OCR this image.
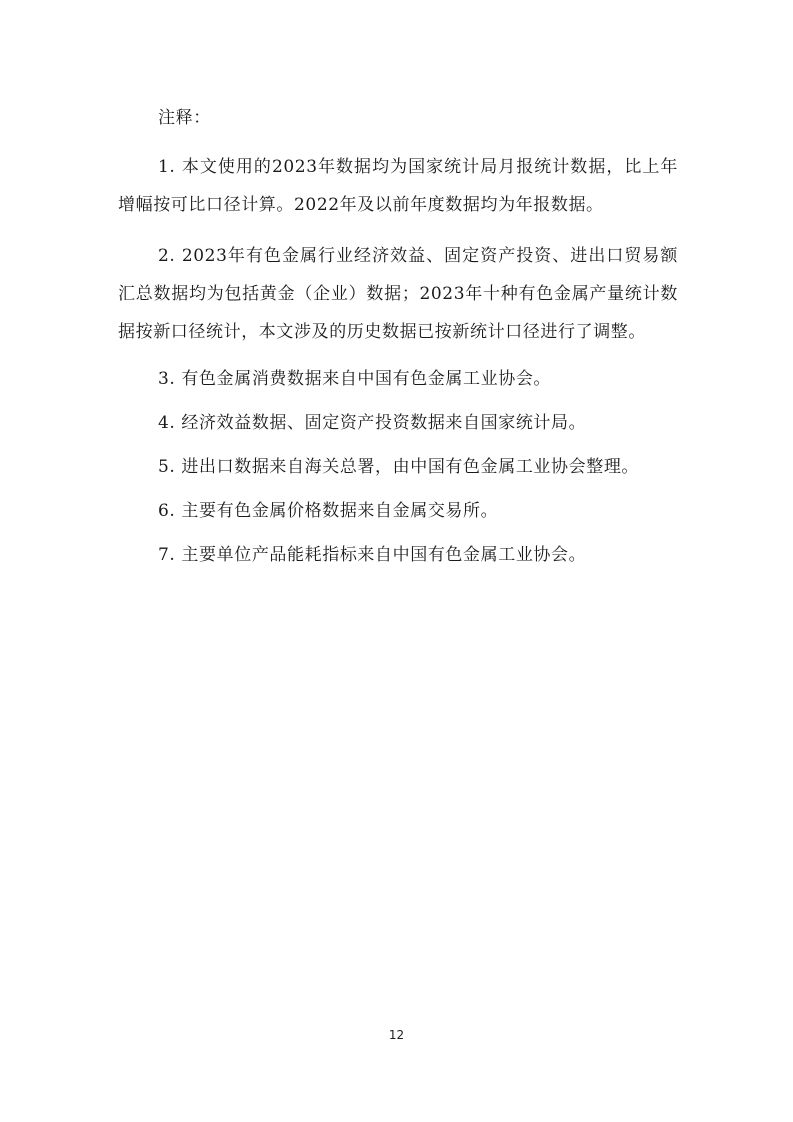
注释：

1. 本文使用的2023年数据均为国家统计局月报统计数据，比上年增幅按可比口径计算。2022年及以前年度数据均为年报数据。

2. 2023年有色金属行业经济效益、固定资产投资、进出口贸易额汇总数据均为包括黄金（企业）数据；2023年十种有色金属产量统计数据按新口径统计，本文涉及的历史数据已按新统计口径进行了调整。

3. 有色金属消费数据来自中国有色金属工业协会。

4. 经济效益数据、固定资产投资数据来自国家统计局。

5. 进出口数据来自海关总署，由中国有色金属工业协会整理。

6. 主要有色金属价格数据来自金属交易所。

7. 主要单位产品能耗指标来自中国有色金属工业协会。

12
